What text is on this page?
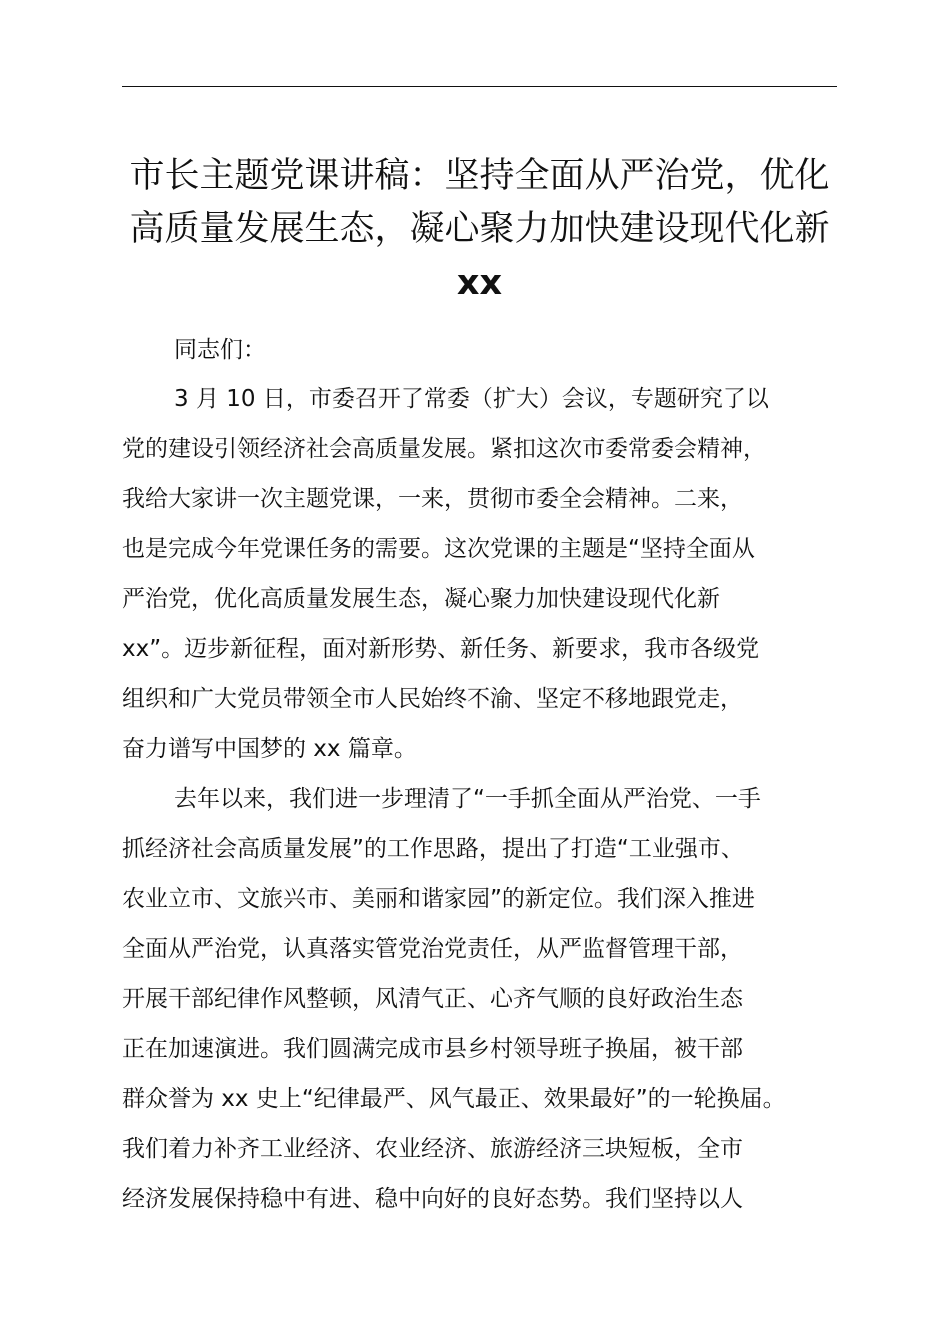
市长主题党课讲稿：坚持全面从严治党，优化
高质量发展生态，凝心聚力加快建设现代化新
xx

同志们：

3 月 10 日，市委召开了常委（扩大）会议，专题研究了以
党的建设引领经济社会高质量发展。紧扣这次市委常委会精神，
我给大家讲一次主题党课，一来，贯彻市委全会精神。二来，
也是完成今年党课任务的需要。这次党课的主题是“坚持全面从
严治党，优化高质量发展生态，凝心聚力加快建设现代化新
xx”。迈步新征程，面对新形势、新任务、新要求，我市各级党
组织和广大党员带领全市人民始终不渝、坚定不移地跟党走，
奋力谱写中国梦的 xx 篇章。
去年以来，我们进一步理清了“一手抓全面从严治党、一手
抓经济社会高质量发展”的工作思路，提出了打造“工业强市、
农业立市、文旅兴市、美丽和谐家园”的新定位。我们深入推进
全面从严治党，认真落实管党治党责任，从严监督管理干部，
开展干部纪律作风整顿，风清气正、心齐气顺的良好政治生态
正在加速演进。我们圆满完成市县乡村领导班子换届，被干部
群众誉为 xx 史上“纪律最严、风气最正、效果最好”的一轮换届。
我们着力补齐工业经济、农业经济、旅游经济三块短板，全市
经济发展保持稳中有进、稳中向好的良好态势。我们坚持以人
